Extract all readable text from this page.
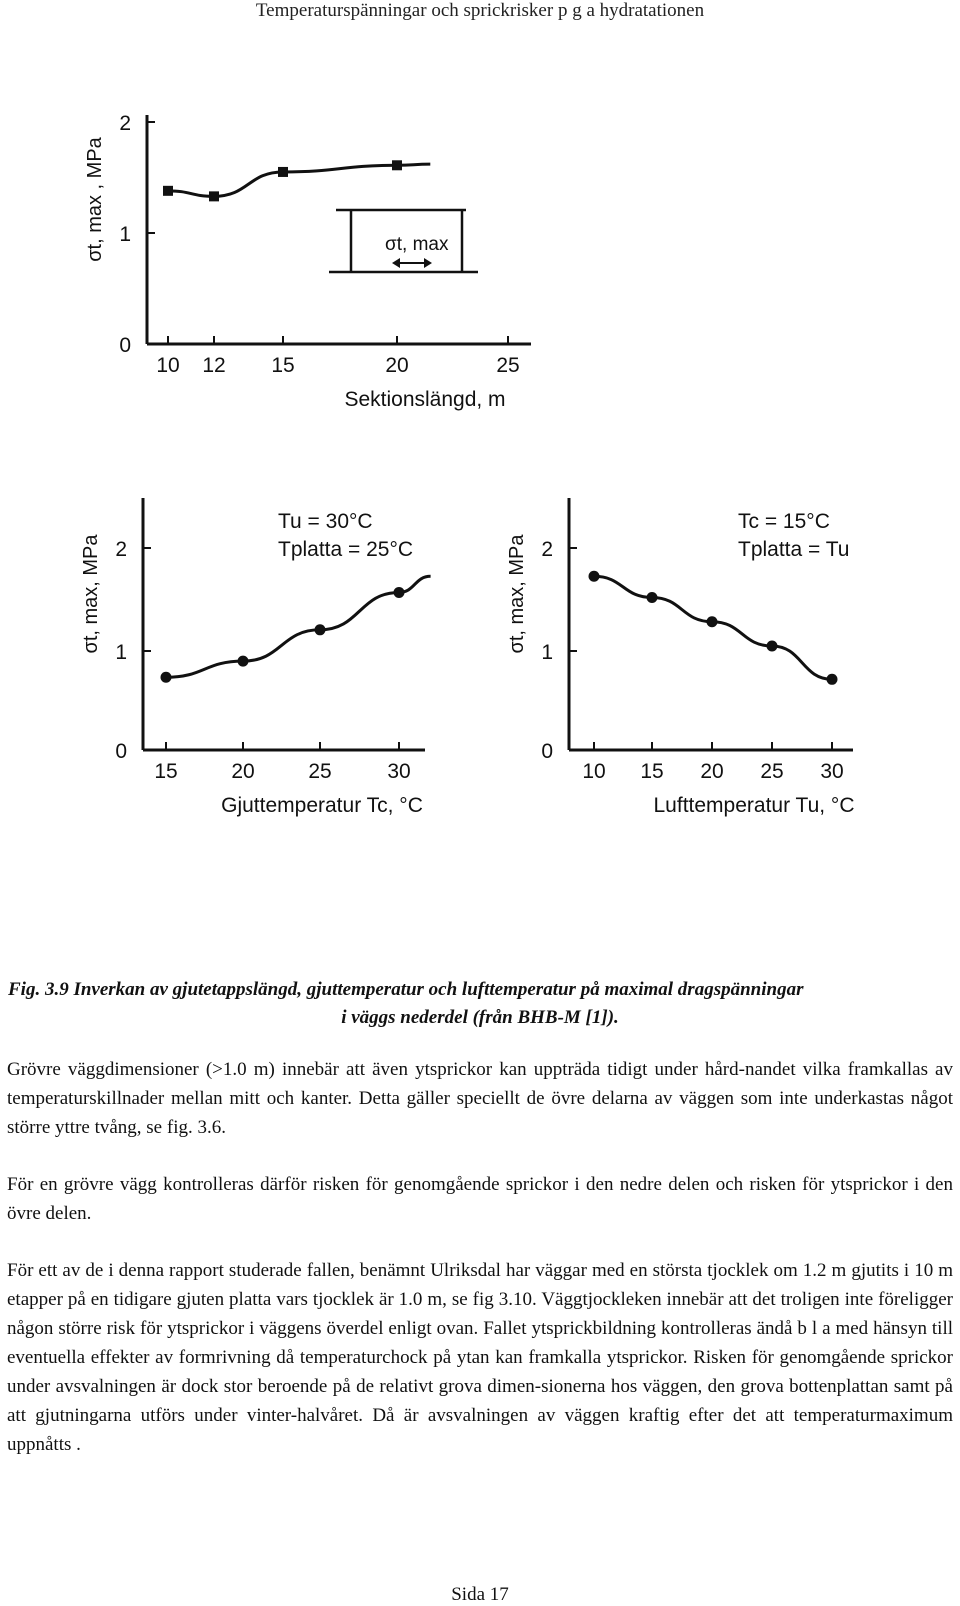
Temperaturspänningar och sprickrisker p g a hydratationen
0
1
2
σt, max , MPa
10 12 15	20	25
Sektionslängd, m
σt, max
0
1
2
σt, max, MPa
15	20	25	30
Gjuttemperatur Tc, °C
Tu = 30°C
Tplatta = 25°C
0
1
2
σt, max, MPa
10 15 20 25 30
Lufttemperatur Tu, °C
Tc = 15°C
Tplatta = Tu
Fig. 3.9 Inverkan av gjutetappslängd, gjuttemperatur och lufttemperatur på maximal dragspänningar
i väggs nederdel (från BHB-M [1]).

Grövre väggdimensioner (>1.0 m) innebär att även ytsprickor kan uppträda tidigt under hård-nandet vilka framkallas av temperaturskillnader mellan mitt och kanter. Detta gäller speciellt de övre delarna av väggen som inte underkastas något större yttre tvång, se fig. 3.6.

För en grövre vägg kontrolleras därför risken för genomgående sprickor i den nedre delen och risken för ytsprickor i den övre delen.

För ett av de i denna rapport studerade fallen, benämnt Ulriksdal har väggar med en största tjocklek om 1.2 m gjutits i 10 m etapper på en tidigare gjuten platta vars tjocklek är 1.0 m, se fig 3.10. Väggtjockleken innebär att det troligen inte föreligger någon större risk för ytsprickor i väggens överdel enligt ovan. Fallet ytsprickbildning kontrolleras ändå b l a med hänsyn till eventuella effekter av formrivning då temperaturchock på ytan kan framkalla ytsprickor. Risken för genomgående sprickor under avsvalningen är dock stor beroende på de relativt grova dimen-sionerna hos väggen, den grova bottenplattan samt på att gjutningarna utförs under vinter-halvåret. Då är avsvalningen av väggen kraftig efter det att temperaturmaximum uppnåtts .

Sida 17
